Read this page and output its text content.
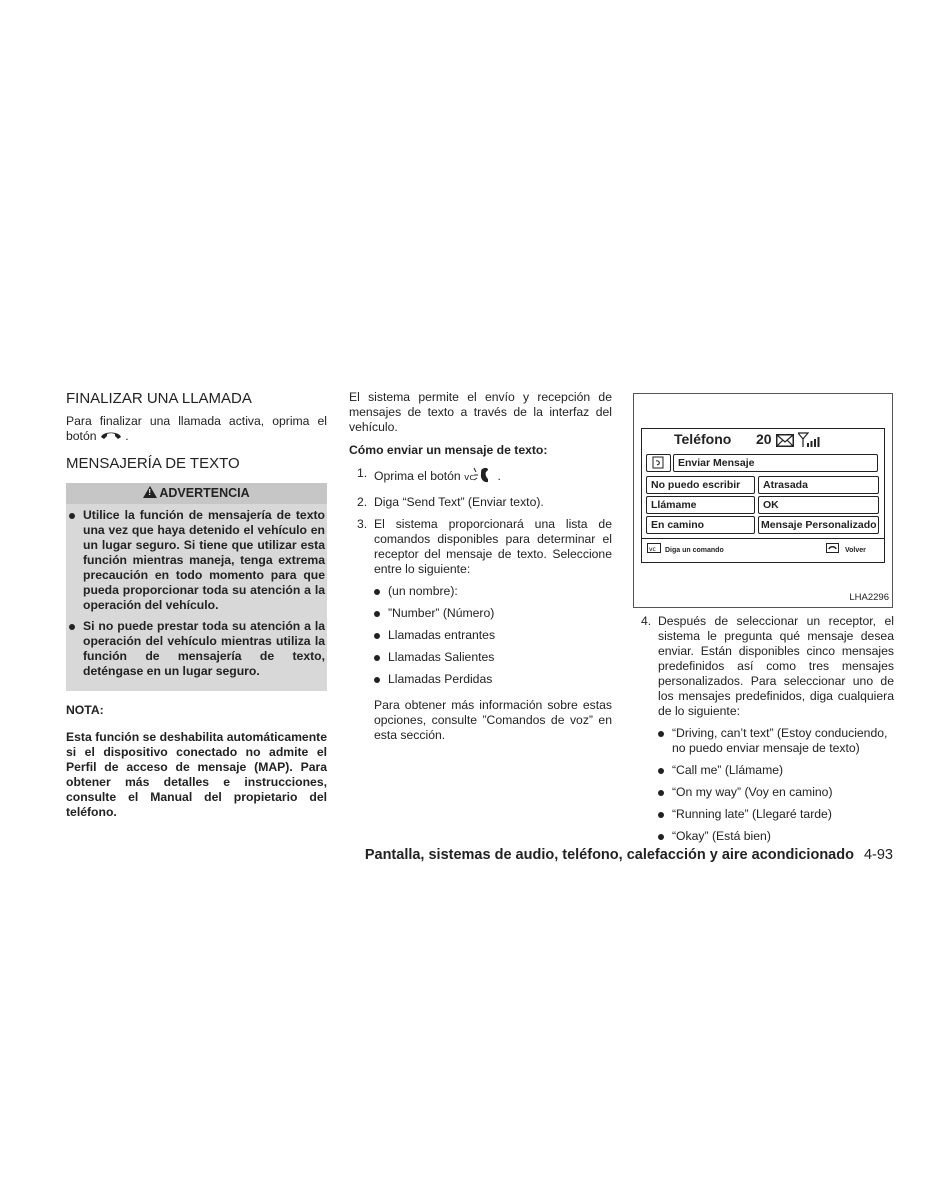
FINALIZAR UNA LLAMADA

Para finalizar una llamada activa, oprima el botón .

MENSAJERÍA DE TEXTO
! ADVERTENCIA
Utilice la función de mensajería de texto una vez que haya detenido el vehículo en un lugar seguro. Si tiene que utilizar esta función mientras maneja, tenga extrema precaución en todo momento para que pueda proporcionar toda su atención a la operación del vehículo.
Si no puede prestar toda su atención a la operación del vehículo mientras utiliza la función de mensajería de texto, deténgase en un lugar seguro.

NOTA:

Esta función se deshabilita automáticamente si el dispositivo conectado no admite el Perfil de acceso de mensaje (MAP). Para obtener más detalles e instrucciones, consulte el Manual del propietario del teléfono.

El sistema permite el envío y recepción de mensajes de texto a través de la interfaz del vehículo.

Cómo enviar un mensaje de texto:

1. Oprima el botón vc .
2. Diga “Send Text” (Enviar texto).
3. El sistema proporcionará una lista de comandos disponibles para determinar el receptor del mensaje de texto. Seleccione entre lo siguiente:
(un nombre):
”Number” (Número)
Llamadas entrantes
Llamadas Salientes
Llamadas Perdidas

Para obtener más información sobre estas opciones, consulte ”Comandos de voz” en esta sección.

Teléfono 20
Enviar Mensaje
No puedo escribir	Atrasada
Llámame	OK
En camino	Mensaje Personalizado
vc Diga un comando	Volver
LHA2296
4. Después de seleccionar un receptor, el sistema le pregunta qué mensaje desea enviar. Están disponibles cinco mensajes predefinidos así como tres mensajes personalizados. Para seleccionar uno de los mensajes predefinidos, diga cualquiera de lo siguiente:
“Driving, can’t text” (Estoy conduciendo, no puedo enviar mensaje de texto)
“Call me” (Llámame)
“On my way” (Voy en camino)
“Running late” (Llegaré tarde)
“Okay” (Está bien)
Pantalla, sistemas de audio, teléfono, calefacción y aire acondicionado 4-93
